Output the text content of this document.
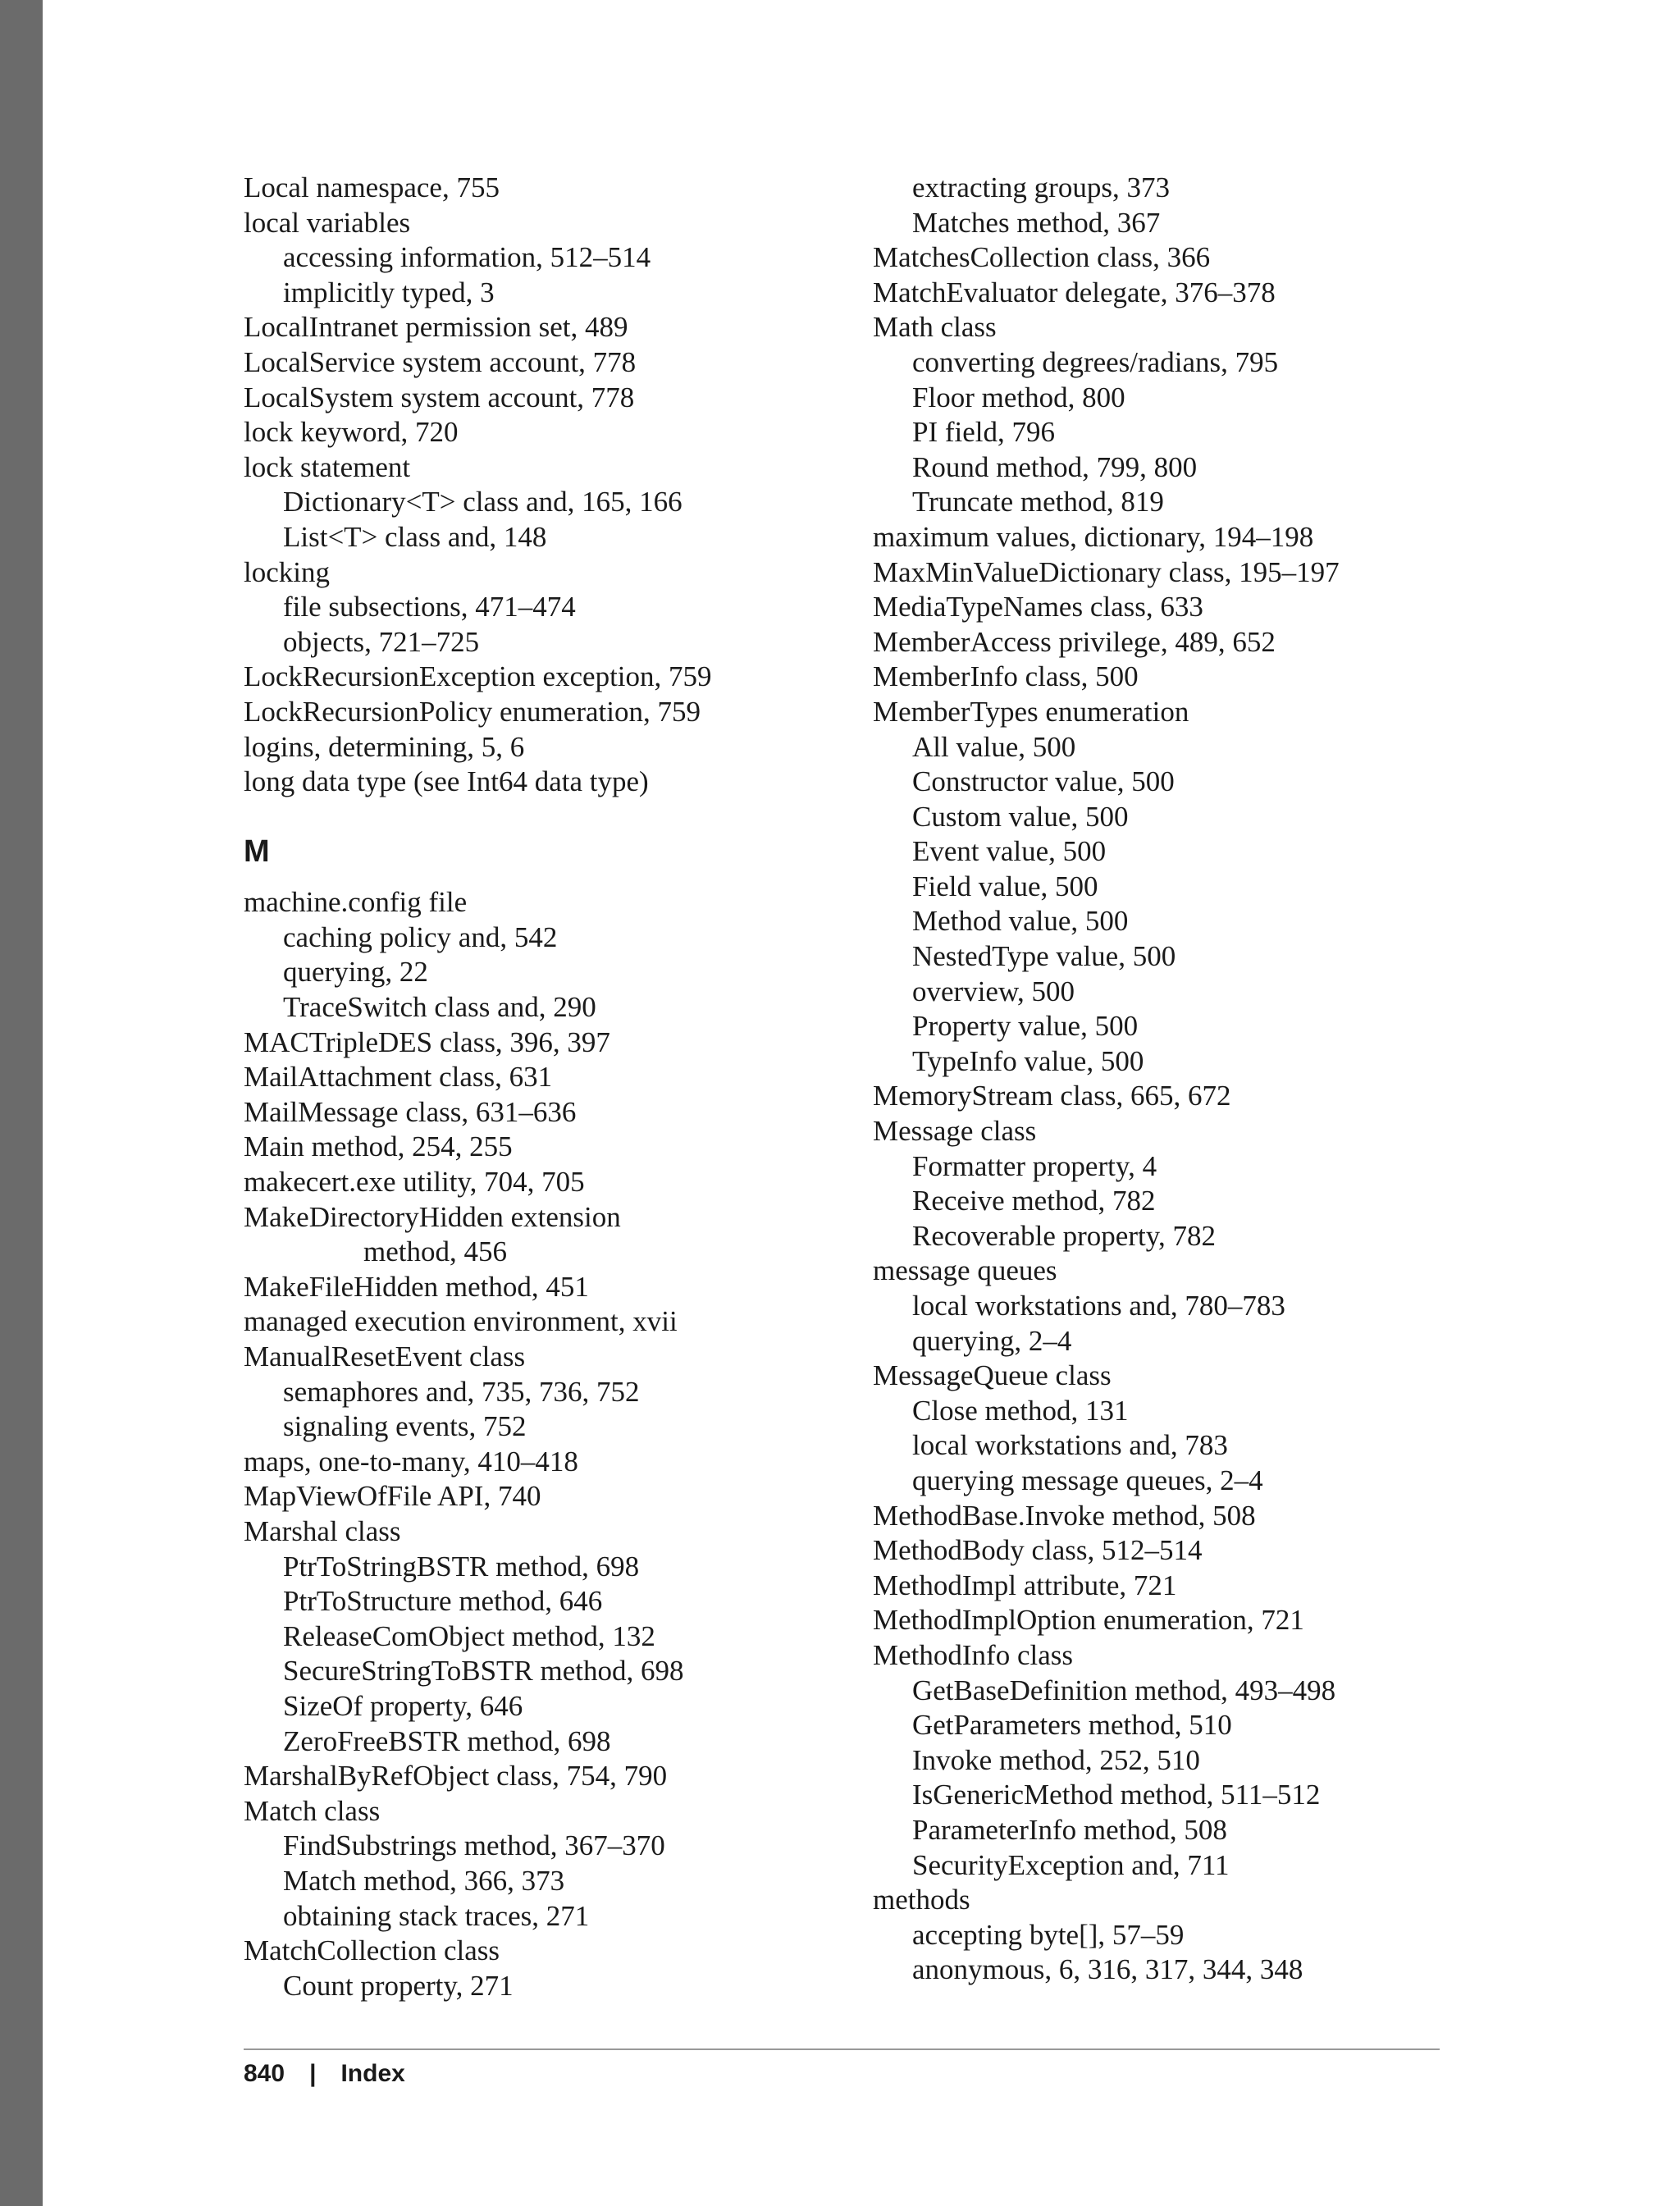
Local namespace, 755
local variables
accessing information, 512–514
implicitly typed, 3
LocalIntranet permission set, 489
LocalService system account, 778
LocalSystem system account, 778
lock keyword, 720
lock statement
Dictionary<T> class and, 165, 166
List<T> class and, 148
locking
file subsections, 471–474
objects, 721–725
LockRecursionException exception, 759
LockRecursionPolicy enumeration, 759
logins, determining, 5, 6
long data type (see Int64 data type)
M
machine.config file
caching policy and, 542
querying, 22
TraceSwitch class and, 290
MACTripleDES class, 396, 397
MailAttachment class, 631
MailMessage class, 631–636
Main method, 254, 255
makecert.exe utility, 704, 705
MakeDirectoryHidden extension
method, 456
MakeFileHidden method, 451
managed execution environment, xvii
ManualResetEvent class
semaphores and, 735, 736, 752
signaling events, 752
maps, one-to-many, 410–418
MapViewOfFile API, 740
Marshal class
PtrToStringBSTR method, 698
PtrToStructure method, 646
ReleaseComObject method, 132
SecureStringToBSTR method, 698
SizeOf property, 646
ZeroFreeBSTR method, 698
MarshalByRefObject class, 754, 790
Match class
FindSubstrings method, 367–370
Match method, 366, 373
obtaining stack traces, 271
MatchCollection class
Count property, 271
extracting groups, 373
Matches method, 367
MatchesCollection class, 366
MatchEvaluator delegate, 376–378
Math class
converting degrees/radians, 795
Floor method, 800
PI field, 796
Round method, 799, 800
Truncate method, 819
maximum values, dictionary, 194–198
MaxMinValueDictionary class, 195–197
MediaTypeNames class, 633
MemberAccess privilege, 489, 652
MemberInfo class, 500
MemberTypes enumeration
All value, 500
Constructor value, 500
Custom value, 500
Event value, 500
Field value, 500
Method value, 500
NestedType value, 500
overview, 500
Property value, 500
TypeInfo value, 500
MemoryStream class, 665, 672
Message class
Formatter property, 4
Receive method, 782
Recoverable property, 782
message queues
local workstations and, 780–783
querying, 2–4
MessageQueue class
Close method, 131
local workstations and, 783
querying message queues, 2–4
MethodBase.Invoke method, 508
MethodBody class, 512–514
MethodImpl attribute, 721
MethodImplOption enumeration, 721
MethodInfo class
GetBaseDefinition method, 493–498
GetParameters method, 510
Invoke method, 252, 510
IsGenericMethod method, 511–512
ParameterInfo method, 508
SecurityException and, 711
methods
accepting byte[], 57–59
anonymous, 6, 316, 317, 344, 348
840 | Index
